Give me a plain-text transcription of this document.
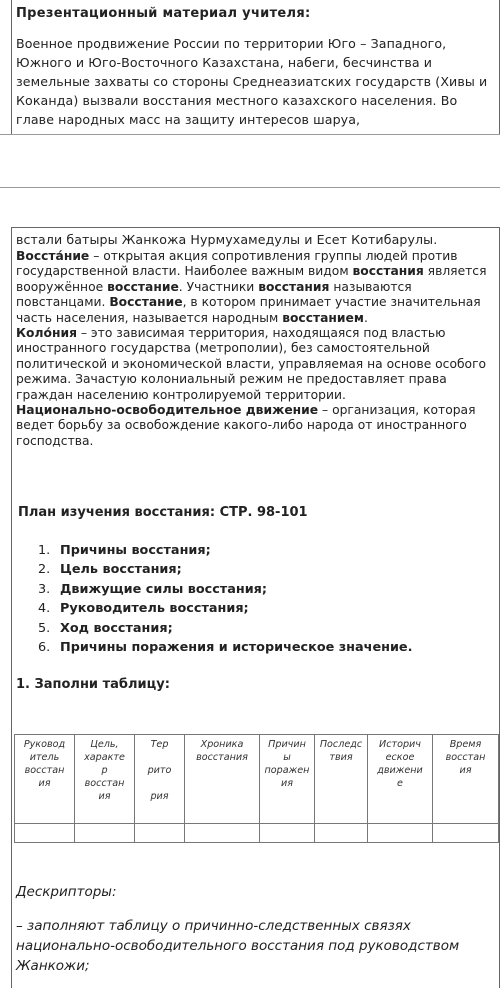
Презентационный материал учителя:
Военное продвижение России по территории Юго – Западного, Южного и Юго-Восточного Казахстана, набеги, бесчинства и земельные захваты со стороны Среднеазиатских государств (Хивы и Коканда) вызвали восстания местного казахского населения. Во главе народных масс на защиту интересов шаруа,
встали батыры Жанкожа Нурмухамедулы и Есет Котибарулы.
Восста́ние – открытая акция сопротивления группы людей против государственной власти. Наиболее важным видом восстания является вооружённое восстание. Участники восстания называются повстанцами. Восстание, в котором принимает участие значительная часть населения, называется народным восстанием.
Коло́ния – это зависимая территория, находящаяся под властью иностранного государства (метрополии), без самостоятельной политической и экономической власти, управляемая на основе особого режима. Зачастую колониальный режим не предоставляет права граждан населению контролируемой территории.
Национально-освободительное движение – организация, которая ведет борьбу за освобождение какого-либо народа от иностранного господства.
План изучения восстания: СТР. 98-101
1. Причины восстания;
2. Цель восстания;
3. Движущие силы восстания;
4. Руководитель восстания;
5. Ход восстания;
6. Причины поражения и историческое значение.
1. Заполни таблицу:
Руковод
итель
восстан
ия	Цель,
характе
р
восстан
ия	Тер

рито

рия	Хроника
восстания	Причин
ы
поражен
ия	Последс
твия	Историч
еское
движени
е	Время
восстан
ия

Дескрипторы:
– заполняют таблицу о причинно-следственных связях национально-освободительного восстания под руководством Жанкожи;
